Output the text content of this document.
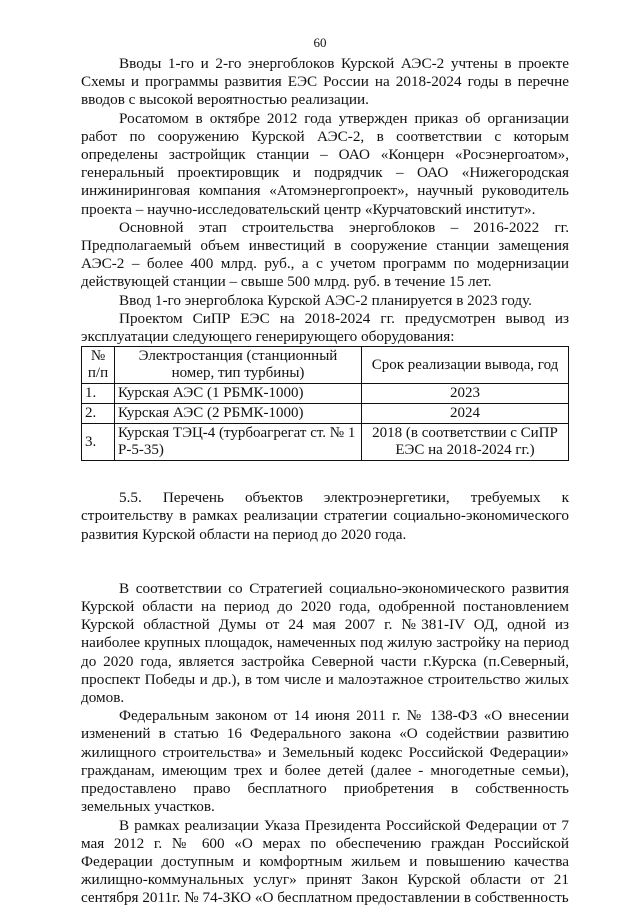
60

Вводы 1-го и 2-го энергоблоков Курской АЭС-2 учтены в проекте Схемы и программы развития ЕЭС России на 2018-2024 годы в перечне вводов с высокой вероятностью реализации.

Росатомом в октябре 2012 года утвержден приказ об организации работ по сооружению Курской АЭС-2, в соответствии с которым определены застройщик станции – ОАО «Концерн «Росэнергоатом», генеральный проектировщик и подрядчик – ОАО «Нижегородская инжиниринговая компания «Атомэнергопроект», научный руководитель проекта – научно-исследовательский центр «Курчатовский институт».

Основной этап строительства энергоблоков – 2016-2022 гг. Предполагаемый объем инвестиций в сооружение станции замещения АЭС-2 – более 400 млрд. руб., а с учетом программ по модернизации действующей станции – свыше 500 млрд. руб. в течение 15 лет.

Ввод 1-го энергоблока Курской АЭС-2 планируется в 2023 году.

Проектом СиПР ЕЭС на 2018-2024 гг. предусмотрен вывод из эксплуатации следующего генерирующего оборудования:

№ п/п	Электростанция (станционный номер, тип турбины)	Срок реализации вывода, год
1.	Курская АЭС (1 РБМК-1000)	2023
2.	Курская АЭС (2 РБМК-1000)	2024
3.	Курская ТЭЦ-4 (турбоагрегат ст. № 1 Р-5-35)	2018 (в соответствии с СиПР ЕЭС на 2018-2024 гг.)

5.5. Перечень объектов электроэнергетики, требуемых к строительству в рамках реализации стратегии социально-экономического развития Курской области на период до 2020 года.

В соответствии со Стратегией социально-экономического развития Курской области на период до 2020 года, одобренной постановлением Курской областной Думы от 24 мая 2007 г. №381-IV ОД, одной из наиболее крупных площадок, намеченных под жилую застройку на период до 2020 года, является застройка Северной части г.Курска (п.Северный, проспект Победы и др.), в том числе и малоэтажное строительство жилых домов.

Федеральным законом от 14 июня 2011 г. № 138-ФЗ «О внесении изменений в статью 16 Федерального закона «О содействии развитию жилищного строительства» и Земельный кодекс Российской Федерации» гражданам, имеющим трех и более детей (далее - многодетные семьи), предоставлено право бесплатного приобретения в собственность земельных участков.

В рамках реализации Указа Президента Российской Федерации от 7 мая 2012 г. № 600 «О мерах по обеспечению граждан Российской Федерации доступным и комфортным жильем и повышению качества жилищно-коммунальных услуг» принят Закон Курской области от 21 сентября 2011г. № 74-ЗКО «О бесплатном предоставлении в собственность
